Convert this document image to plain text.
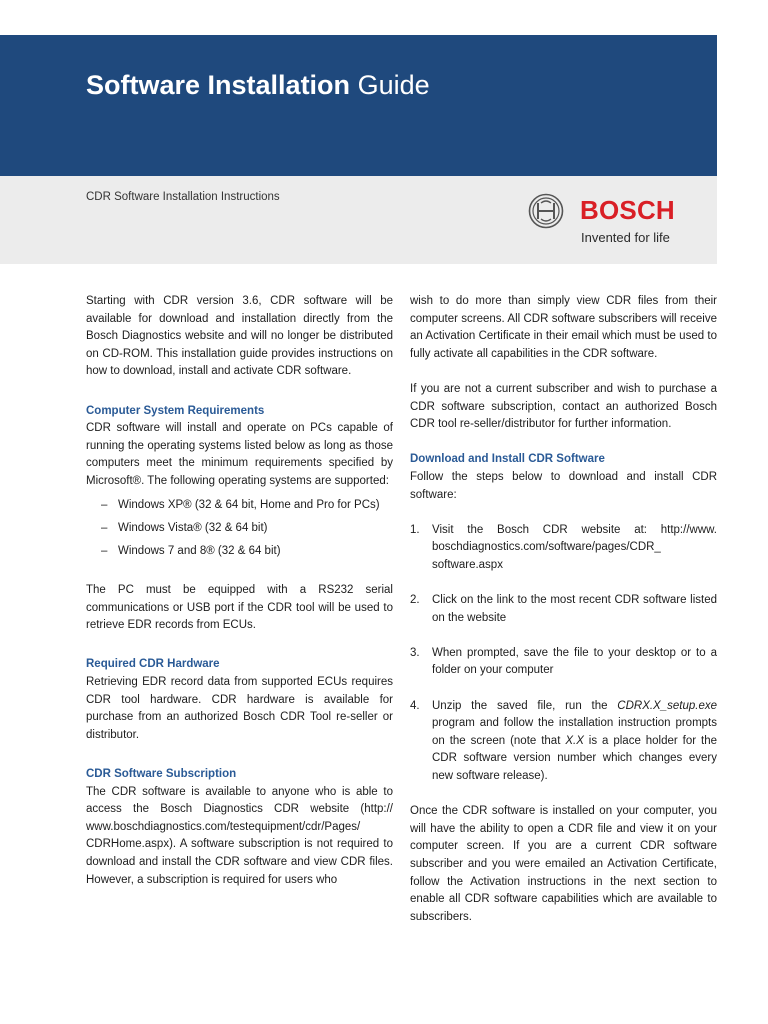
Software Installation Guide
CDR Software Installation Instructions	BOSCH
Invented for life

Starting with CDR version 3.6, CDR software will be available for download and installation directly from the Bosch Diagnostics website and will no longer be distributed on CD-ROM. This installation guide provides instructions on how to download, install and activate CDR software.

Computer System Requirements

CDR software will install and operate on PCs capable of running the operating systems listed below as long as those computers meet the minimum requirements specified by Microsoft®. The following operating systems are supported:

– Windows XP® (32 & 64 bit, Home and Pro for PCs)
– Windows Vista® (32 & 64 bit)
– Windows 7 and 8® (32 & 64 bit)

The PC must be equipped with a RS232 serial communications or USB port if the CDR tool will be used to retrieve EDR records from ECUs.

Required CDR Hardware

Retrieving EDR record data from supported ECUs requires CDR tool hardware. CDR hardware is available for purchase from an authorized Bosch CDR Tool re-seller or distributor.

CDR Software Subscription

The CDR software is available to anyone who is able to access the Bosch Diagnostics CDR website (http:// www.boschdiagnostics.com/testequipment/cdr/Pages/ CDRHome.aspx). A software subscription is not required to download and install the CDR software and view CDR files. However, a subscription is required for users who

wish to do more than simply view CDR files from their computer screens. All CDR software subscribers will receive an Activation Certificate in their email which must be used to fully activate all capabilities in the CDR software.

If you are not a current subscriber and wish to purchase a CDR software subscription, contact an authorized Bosch CDR tool re-seller/distributor for further information.

Download and Install CDR Software

Follow the steps below to download and install CDR software:

1. Visit the Bosch CDR website at: http://www. boschdiagnostics.com/software/pages/CDR_ software.aspx
2. Click on the link to the most recent CDR software listed on the website
3. When prompted, save the file to your desktop or to a folder on your computer
4. Unzip the saved file, run the CDRX.X_setup.exe program and follow the installation instruction prompts on the screen (note that X.X is a place holder for the CDR software version number which changes every new software release).

Once the CDR software is installed on your computer, you will have the ability to open a CDR file and view it on your computer screen. If you are a current CDR software subscriber and you were emailed an Activation Certificate, follow the Activation instructions in the next section to enable all CDR software capabilities which are available to subscribers.
